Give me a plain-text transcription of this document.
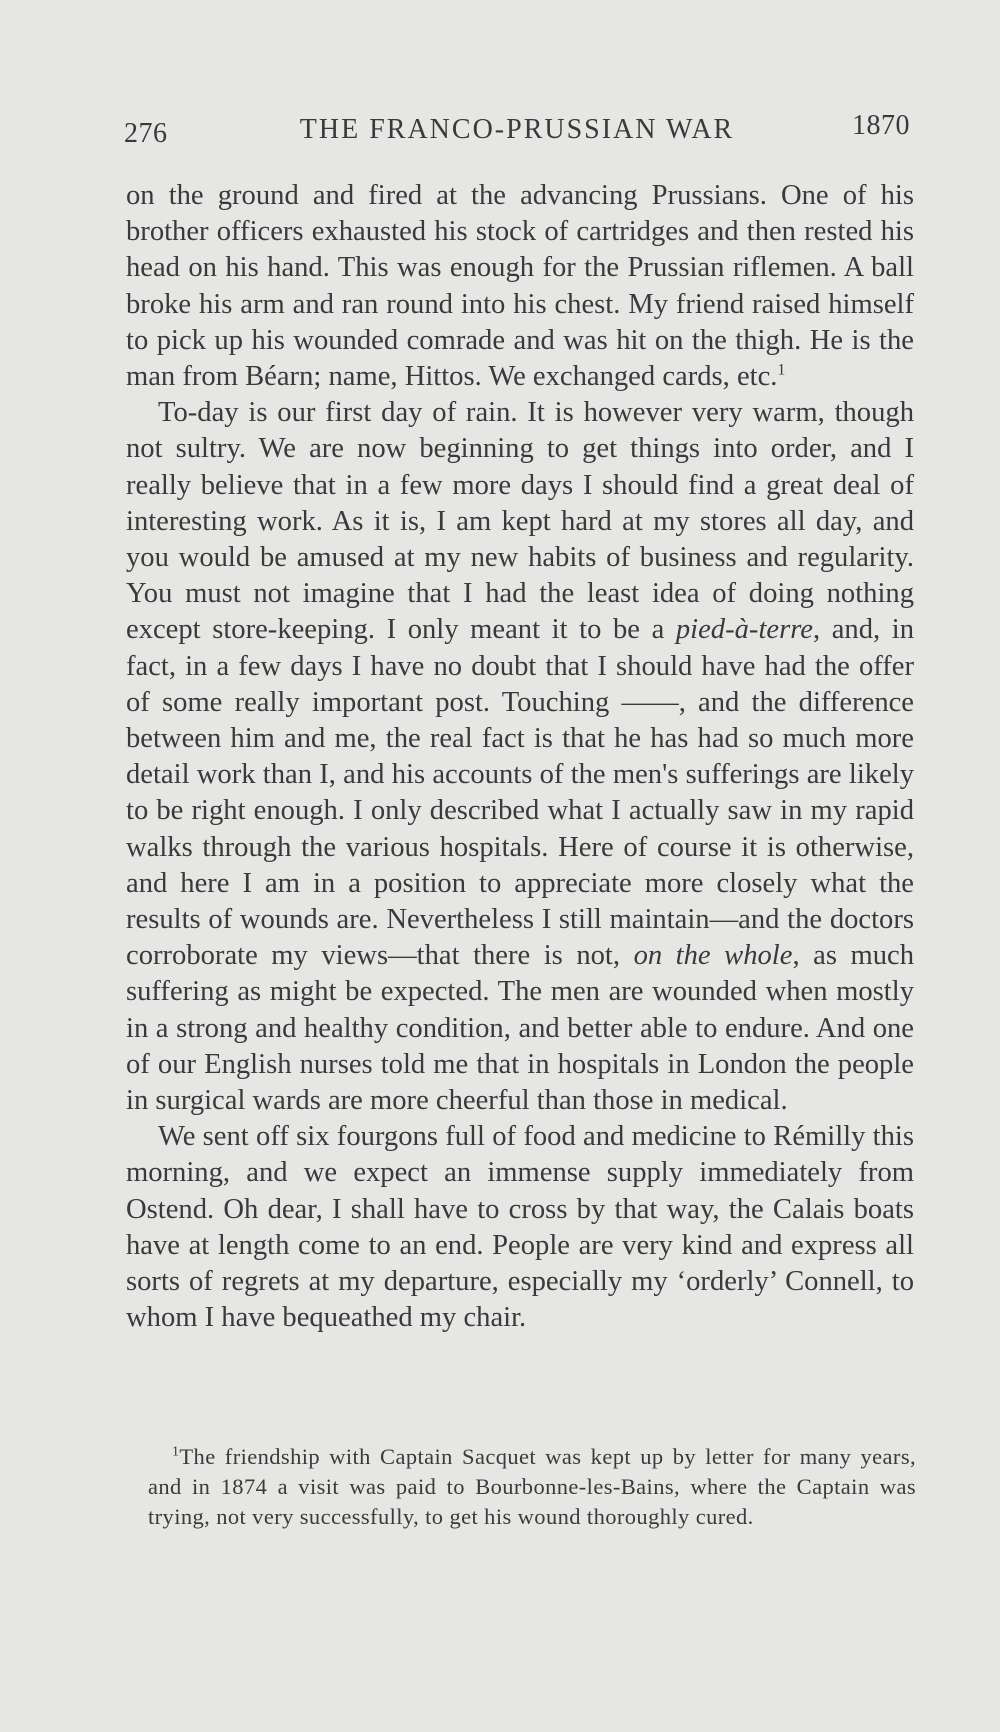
276	THE FRANCO-PRUSSIAN WAR	1870

on the ground and fired at the advancing Prussians. One of his brother officers exhausted his stock of cartridges and then rested his head on his hand. This was enough for the Prussian riflemen. A ball broke his arm and ran round into his chest. My friend raised himself to pick up his wounded comrade and was hit on the thigh. He is the man from Béarn; name, Hittos. We exchanged cards, etc.$^1$

To-day is our first day of rain. It is however very warm, though not sultry. We are now beginning to get things into order, and I really believe that in a few more days I should find a great deal of interesting work. As it is, I am kept hard at my stores all day, and you would be amused at my new habits of business and regularity. You must not imagine that I had the least idea of doing nothing except store-keeping. I only meant it to be a pied-à-terre, and, in fact, in a few days I have no doubt that I should have had the offer of some really important post. Touching ——, and the difference between him and me, the real fact is that he has had so much more detail work than I, and his accounts of the men's sufferings are likely to be right enough. I only described what I actually saw in my rapid walks through the various hospitals. Here of course it is otherwise, and here I am in a position to appreciate more closely what the results of wounds are. Nevertheless I still maintain—and the doctors corroborate my views—that there is not, on the whole, as much suffering as might be expected. The men are wounded when mostly in a strong and healthy condition, and better able to endure. And one of our English nurses told me that in hospitals in London the people in surgical wards are more cheerful than those in medical.

We sent off six fourgons full of food and medicine to Rémilly this morning, and we expect an immense supply immediately from Ostend. Oh dear, I shall have to cross by that way, the Calais boats have at length come to an end. People are very kind and express all sorts of regrets at my departure, especially my ‘orderly’ Connell, to whom I have bequeathed my chair.

$^1$The friendship with Captain Sacquet was kept up by letter for many years, and in 1874 a visit was paid to Bourbonne-les-Bains, where the Captain was trying, not very successfully, to get his wound thoroughly cured.
